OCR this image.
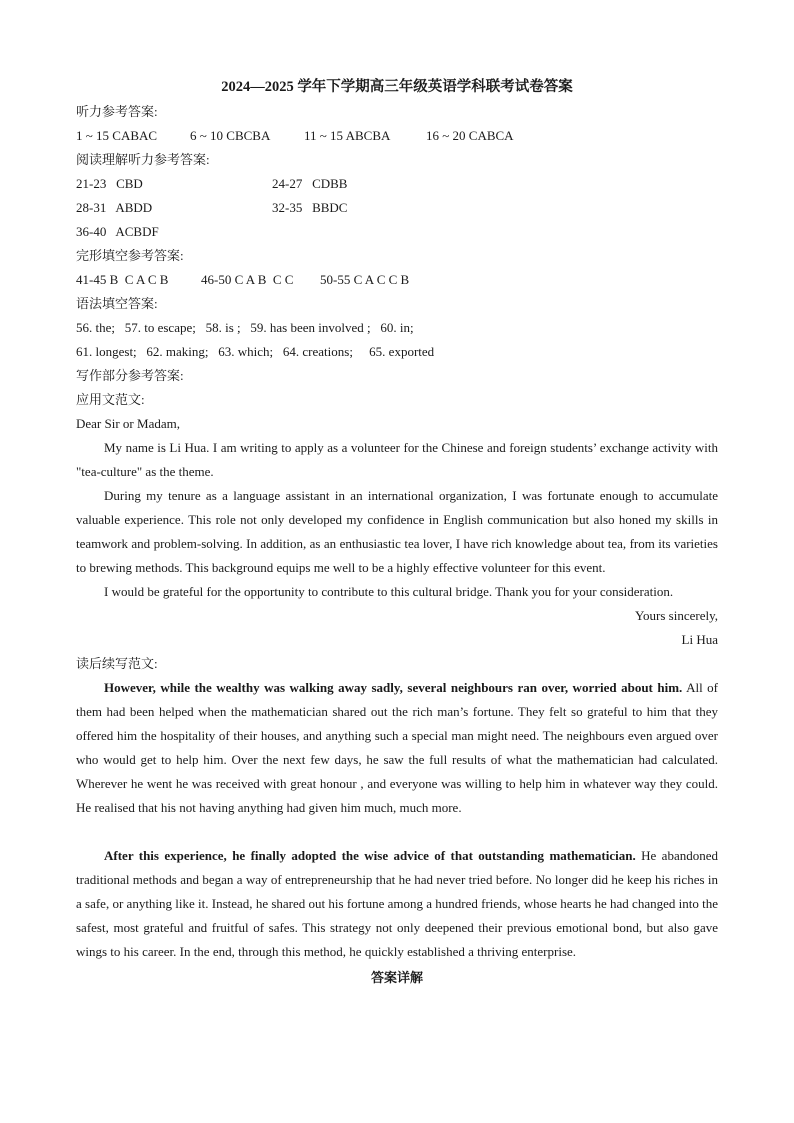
2024—2025 学年下学期高三年级英语学科联考试卷答案
听力参考答案:
1 ~ 15 CABAC	6 ~ 10 CBCBA	11 ~ 15 ABCBA	16 ~ 20 CABCA
阅读理解听力参考答案:
21-23   CBD	24-27   CDBB
28-31   ABDD	32-35   BBDC
36-40   ACBDF
完形填空参考答案:
41-45 B  C A C B	46-50 C A B  C C	50-55 C A C C B
语法填空答案:
56. the;   57. to escape;   58. is ;   59. has been involved ;   60. in;
61. longest;   62. making;   63. which;   64. creations;     65. exported
写作部分参考答案:
应用文范文:
Dear Sir or Madam,

My name is Li Hua. I am writing to apply as a volunteer for the Chinese and foreign students’ exchange activity with "tea-culture" as the theme.

During my tenure as a language assistant in an international organization, I was fortunate enough to accumulate valuable experience. This role not only developed my confidence in English communication but also honed my skills in teamwork and problem-solving. In addition, as an enthusiastic tea lover, I have rich knowledge about tea, from its varieties to brewing methods. This background equips me well to be a highly effective volunteer for this event.

I would be grateful for the opportunity to contribute to this cultural bridge. Thank you for your consideration.

Yours sincerely,
Li Hua
读后续写范文:

However, while the wealthy was walking away sadly, several neighbours ran over, worried about him. All of them had been helped when the mathematician shared out the rich man’s fortune. They felt so grateful to him that they offered him the hospitality of their houses, and anything such a special man might need. The neighbours even argued over who would get to help him. Over the next few days, he saw the full results of what the mathematician had calculated. Wherever he went he was received with great honour , and everyone was willing to help him in whatever way they could. He realised that his not having anything had given him much, much more.

After this experience, he finally adopted the wise advice of that outstanding mathematician. He abandoned traditional methods and began a way of entrepreneurship that he had never tried before. No longer did he keep his riches in a safe, or anything like it. Instead, he shared out his fortune among a hundred friends, whose hearts he had changed into the safest, most grateful and fruitful of safes. This strategy not only deepened their previous emotional bond, but also gave wings to his career. In the end, through this method, he quickly established a thriving enterprise.

答案详解
